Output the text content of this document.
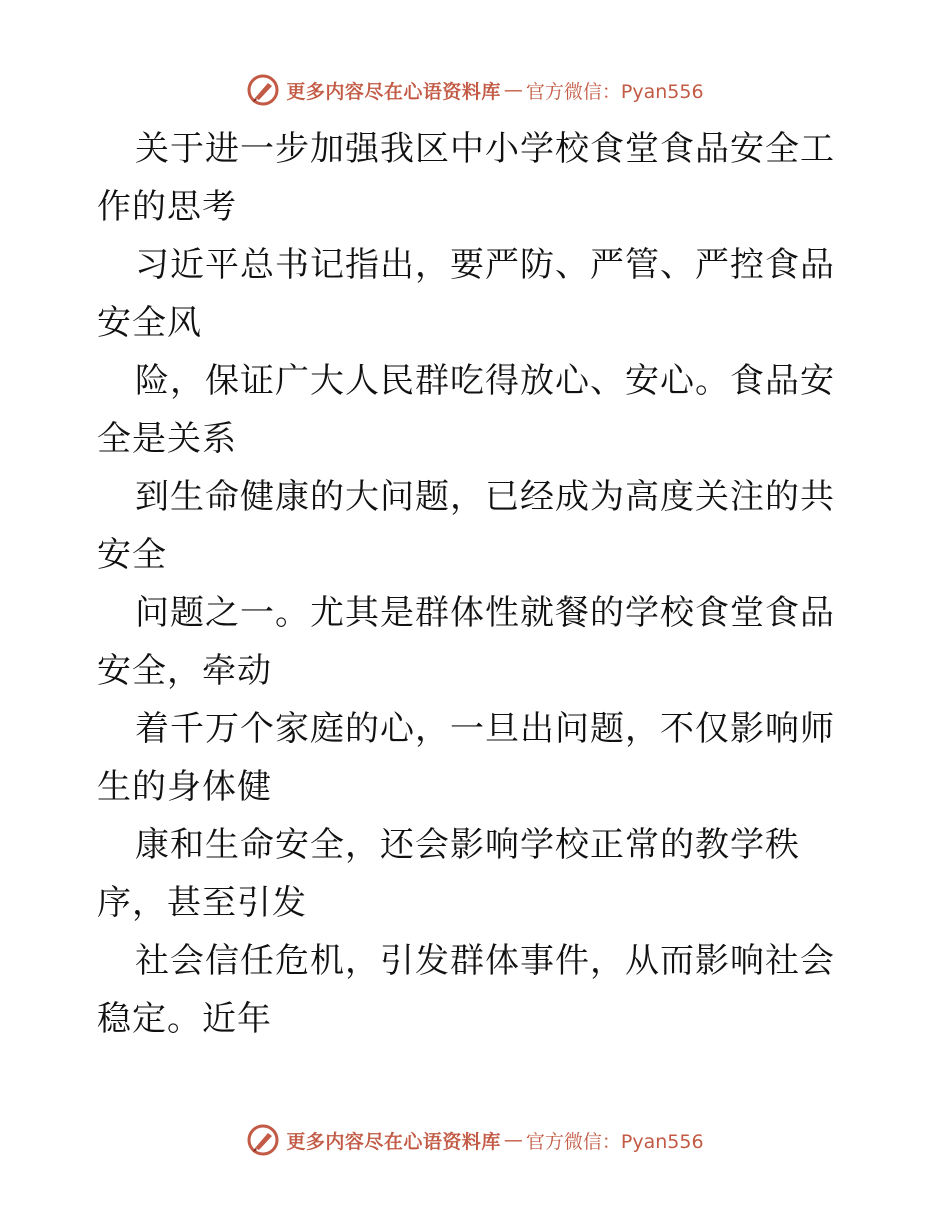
更多内容尽在心语资料库 — 官方微信：Pyan556

关于进一步加强我区中小学校食堂食品安全工作的思考

习近平总书记指出，要严防、严管、严控食品安全风

险，保证广大人民群吃得放心、安心。食品安全是关系

到生命健康的大问题，已经成为高度关注的共安全

问题之一。尤其是群体性就餐的学校食堂食品安全，牵动

着千万个家庭的心，一旦出问题，不仅影响师生的身体健

康和生命安全，还会影响学校正常的教学秩序，甚至引发

社会信任危机，引发群体事件，从而影响社会稳定。近年

更多内容尽在心语资料库 — 官方微信：Pyan556
